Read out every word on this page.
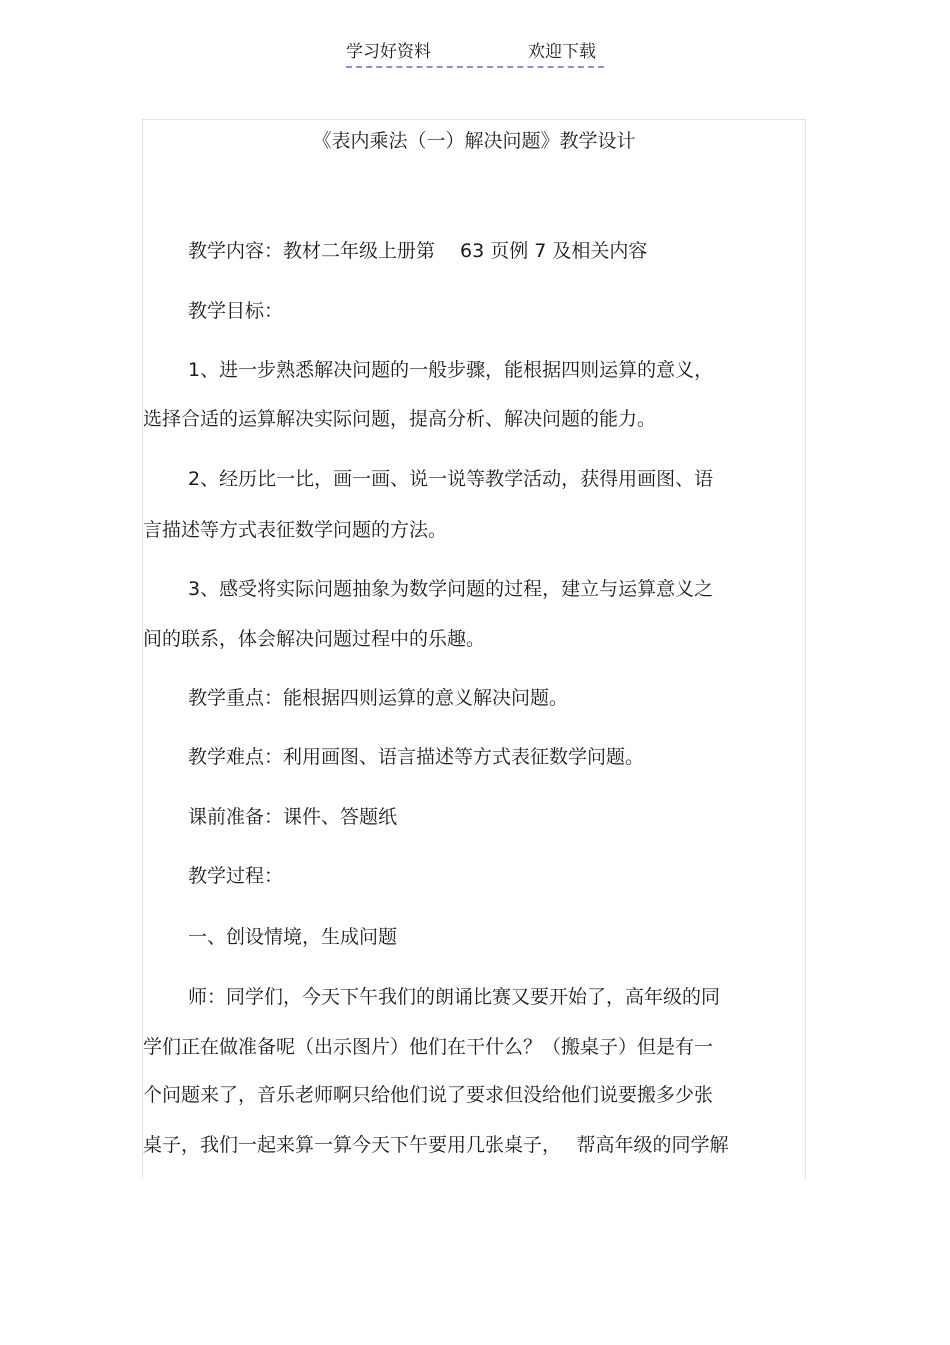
学习好资料	欢迎下载
《表内乘法（一）解决问题》教学设计
教学内容：教材二年级上册第　 63 页例 7 及相关内容
教学目标：
1、进一步熟悉解决问题的一般步骤，能根据四则运算的意义，
选择合适的运算解决实际问题，提高分析、解决问题的能力。
2、经历比一比，画一画、说一说等教学活动，获得用画图、语
言描述等方式表征数学问题的方法。
3、感受将实际问题抽象为数学问题的过程，建立与运算意义之
间的联系，体会解决问题过程中的乐趣。
教学重点：能根据四则运算的意义解决问题。
教学难点：利用画图、语言描述等方式表征数学问题。
课前准备：课件、答题纸
教学过程：
一、创设情境，生成问题
师：同学们，今天下午我们的朗诵比赛又要开始了，高年级的同
学们正在做准备呢（出示图片）他们在干什么？（搬桌子）但是有一
个问题来了，音乐老师啊只给他们说了要求但没给他们说要搬多少张
桌子，我们一起来算一算今天下午要用几张桌子，　 帮高年级的同学解
